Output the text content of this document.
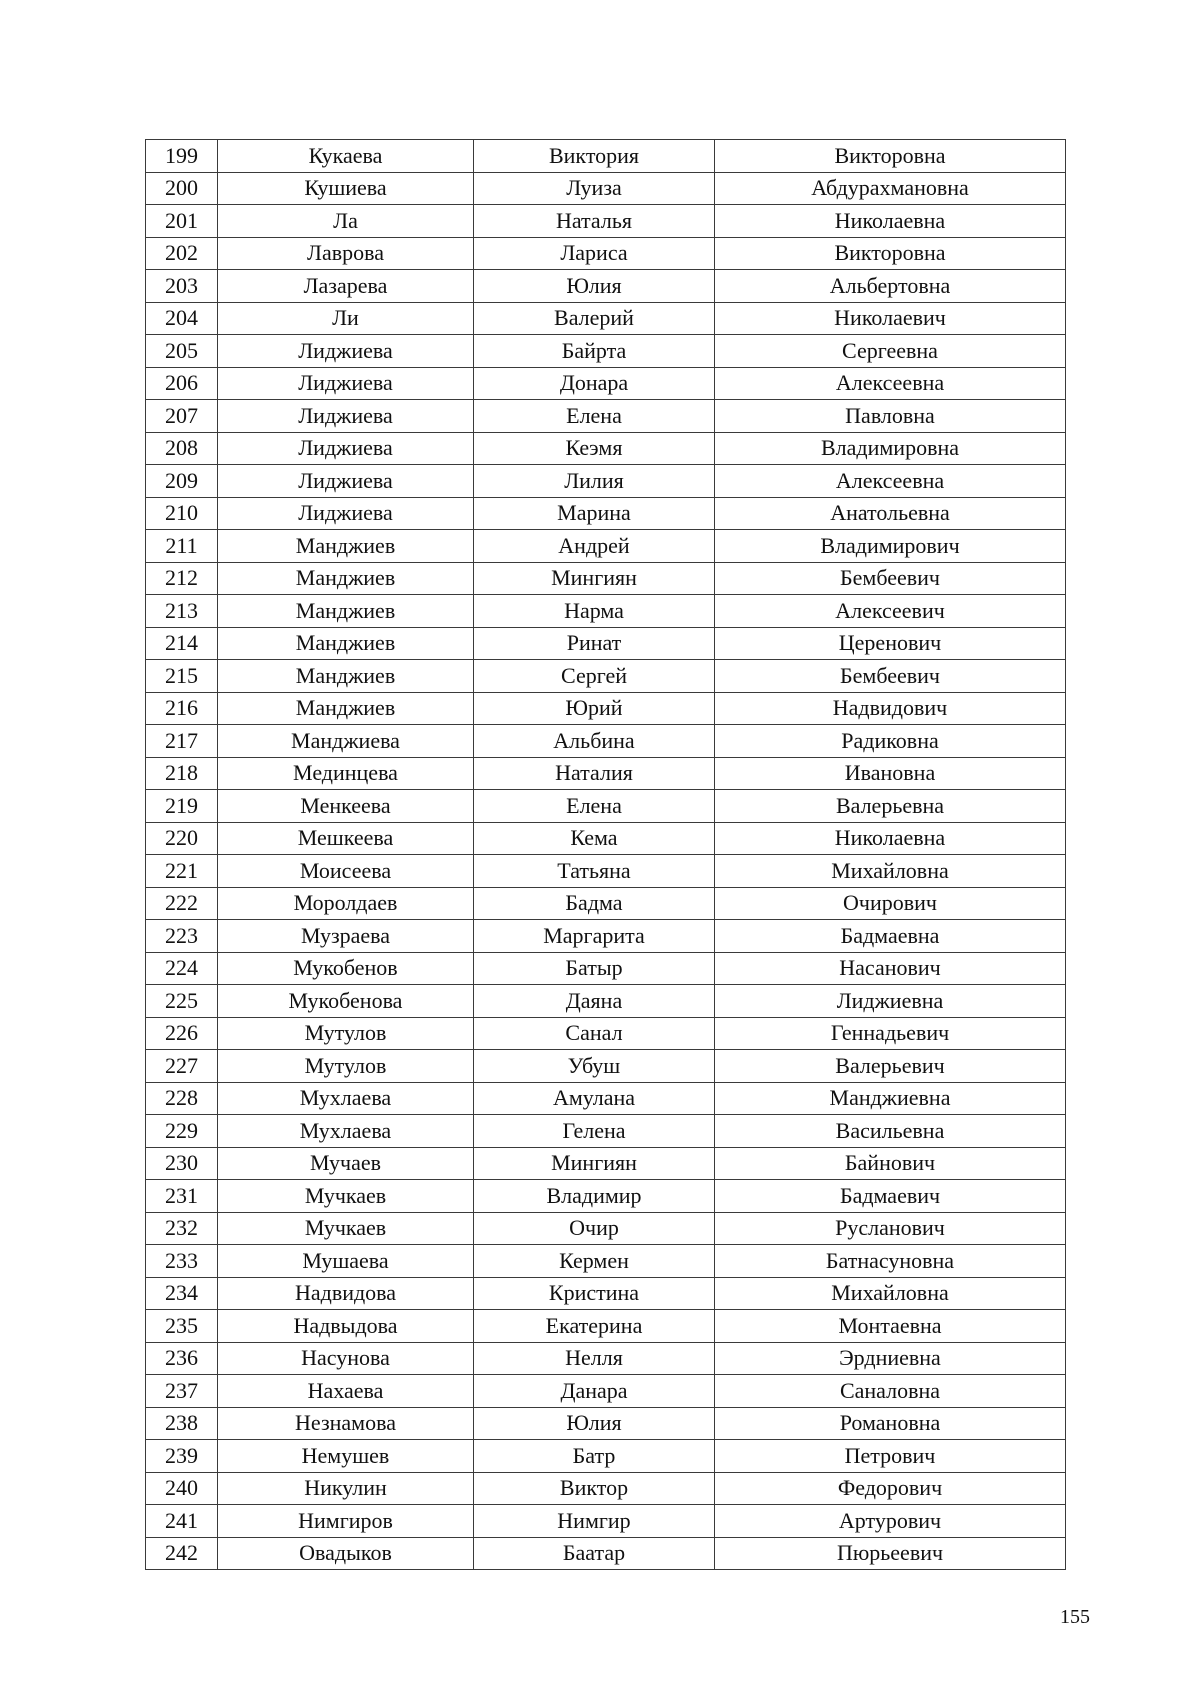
199	Кукаева	Виктория	Викторовна
200	Кушиева	Луиза	Абдурахмановна
201	Ла	Наталья	Николаевна
202	Лаврова	Лариса	Викторовна
203	Лазарева	Юлия	Альбертовна
204	Ли	Валерий	Николаевич
205	Лиджиева	Байрта	Сергеевна
206	Лиджиева	Донара	Алексеевна
207	Лиджиева	Елена	Павловна
208	Лиджиева	Кеэмя	Владимировна
209	Лиджиева	Лилия	Алексеевна
210	Лиджиева	Марина	Анатольевна
211	Манджиев	Андрей	Владимирович
212	Манджиев	Мингиян	Бембеевич
213	Манджиев	Нарма	Алексеевич
214	Манджиев	Ринат	Церенович
215	Манджиев	Сергей	Бембеевич
216	Манджиев	Юрий	Надвидович
217	Манджиева	Альбина	Радиковна
218	Мединцева	Наталия	Ивановна
219	Менкеева	Елена	Валерьевна
220	Мешкеева	Кема	Николаевна
221	Моисеева	Татьяна	Михайловна
222	Моролдаев	Бадма	Очирович
223	Музраева	Маргарита	Бадмаевна
224	Мукобенов	Батыр	Насанович
225	Мукобенова	Даяна	Лиджиевна
226	Мутулов	Санал	Геннадьевич
227	Мутулов	Убуш	Валерьевич
228	Мухлаева	Амулана	Манджиевна
229	Мухлаева	Гелена	Васильевна
230	Мучаев	Мингиян	Байнович
231	Мучкаев	Владимир	Бадмаевич
232	Мучкаев	Очир	Русланович
233	Мушаева	Кермен	Батнасуновна
234	Надвидова	Кристина	Михайловна
235	Надвыдова	Екатерина	Монтаевна
236	Насунова	Нелля	Эрдниевна
237	Нахаева	Данара	Саналовна
238	Незнамова	Юлия	Романовна
239	Немушев	Батр	Петрович
240	Никулин	Виктор	Федорович
241	Нимгиров	Нимгир	Артурович
242	Овадыков	Баатар	Пюрьеевич
155
